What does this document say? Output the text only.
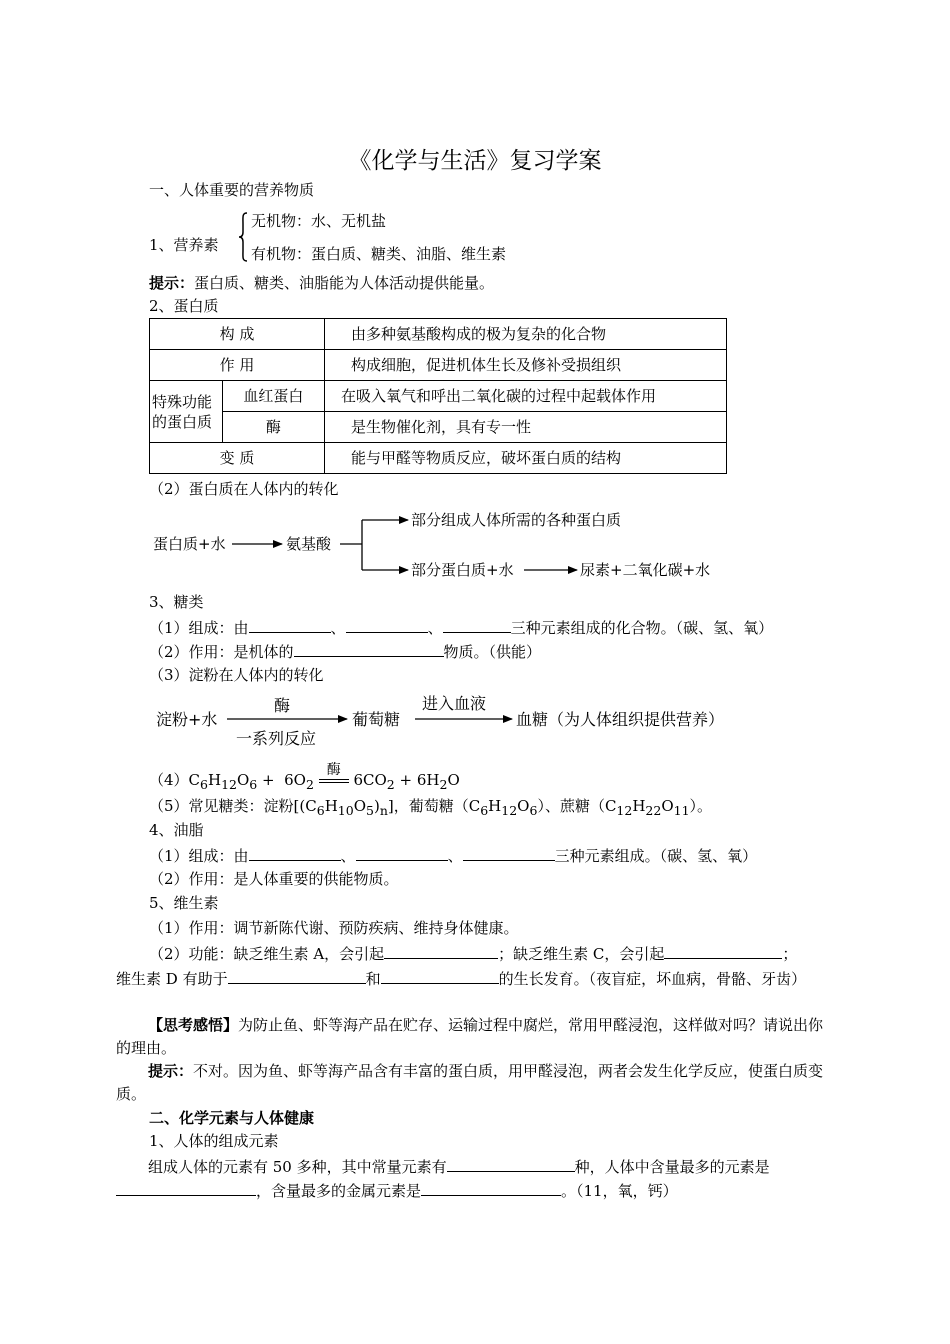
《化学与生活》复习学案
一、人体重要的营养物质
1、营养素
无机物：水、无机盐
有机物：蛋白质、糖类、油脂、维生素
提示：蛋白质、糖类、油脂能为人体活动提供能量。
2、蛋白质
构 成		由多种氨基酸构成的极为复杂的化合物
作 用		构成细胞，促进机体生长及修补受损组织
特殊功能的蛋白质	血红蛋白	在吸入氧气和呼出二氧化碳的过程中起载体作用
	酶	是生物催化剂，具有专一性
变 质		能与甲醛等物质反应，破坏蛋白质的结构
（2）蛋白质在人体内的转化
蛋白质+水	氨基酸
部分组成人体所需的各种蛋白质
部分蛋白质+水	尿素+二氧化碳+水
3、糖类
（1）组成：由	、	、	三种元素组成的化合物。（碳、氢、氧）
（2）作用：是机体的	物质。（供能）
（3）淀粉在人体内的转化
淀粉+水
酶
一系列反应
葡萄糖
进入血液
血糖（为人体组织提供营养）
$(4)C_6H_{12}O_6 + 6O_2$
酶
$6CO_2 + 6H_2O$
（5）常见糖类：淀粉$[(C_6H_{10}O_5)_n]$，葡萄糖$(C_6H_{12}O_6)$、蔗糖$(C_{12}H_{22}O_{11})$。
4、油脂
（1）组成：由	、	、	三种元素组成。（碳、氢、氧）
（2）作用：是人体重要的供能物质。
5、维生素
（1）作用：调节新陈代谢、预防疾病、维持身体健康。
（2）功能：缺乏维生素 A，会引起	；缺乏维生素 C，会引起	；
维生素 D 有助于	和	的生长发育。（夜盲症，坏血病，骨骼、牙齿）
【思考感悟】为防止鱼、虾等海产品在贮存、运输过程中腐烂，常用甲醛浸泡，这样做对吗？请说出你的理由。
提示：不对。因为鱼、虾等海产品含有丰富的蛋白质，用甲醛浸泡，两者会发生化学反应，使蛋白质变质。
二、化学元素与人体健康
1、人体的组成元素
组成人体的元素有 50 多种，其中常量元素有	种，人体中含量最多的元素是，含量最多的金属元素是	。（11，氧，钙）
